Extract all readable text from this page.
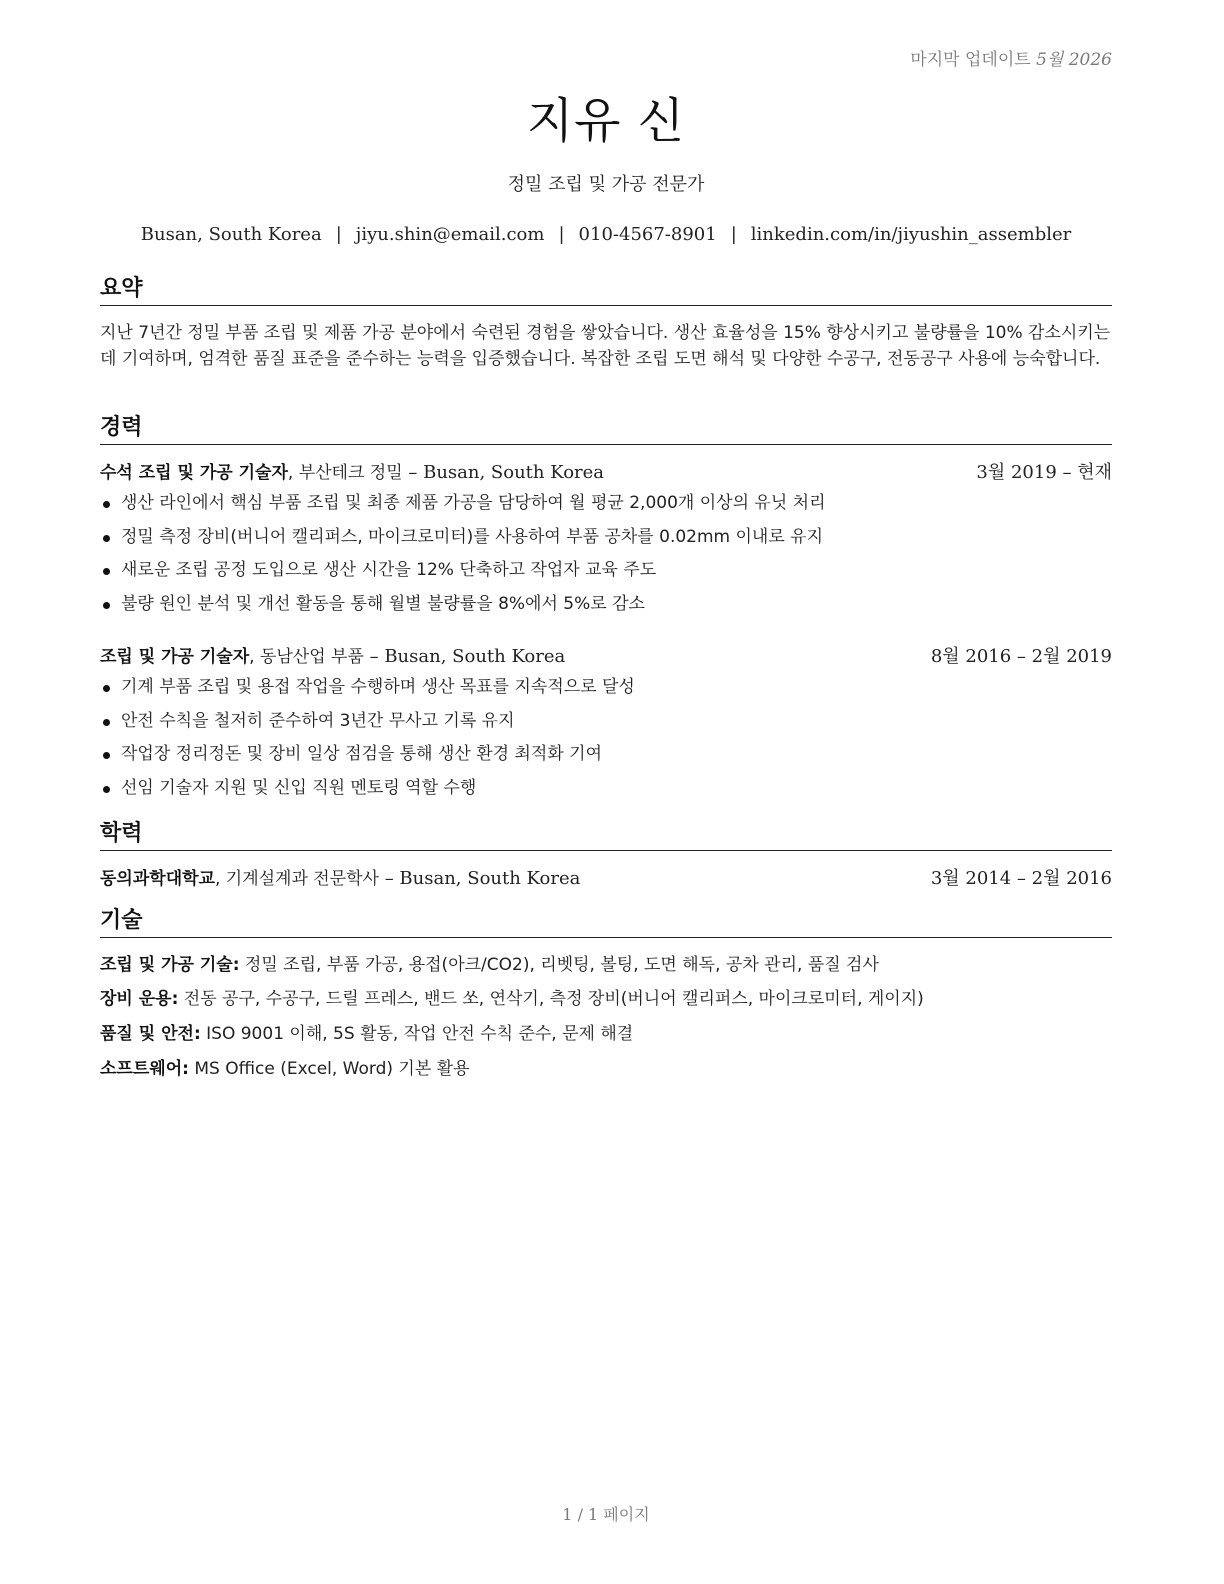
마지막 업데이트 5월 2026
지유 신
정밀 조립 및 가공 전문가
Busan, South Korea | jiyu.shin@email.com | 010-4567-8901 | linkedin.com/in/jiyushin_assembler
요약
지난 7년간 정밀 부품 조립 및 제품 가공 분야에서 숙련된 경험을 쌓았습니다. 생산 효율성을 15% 향상시키고 불량률을 10% 감소시키는 데 기여하며, 엄격한 품질 표준을 준수하는 능력을 입증했습니다. 복잡한 조립 도면 해석 및 다양한 수공구, 전동공구 사용에 능숙합니다.
경력
수석 조립 및 가공 기술자, 부산테크 정밀 – Busan, South Korea	3월 2019 – 현재
생산 라인에서 핵심 부품 조립 및 최종 제품 가공을 담당하여 월 평균 2,000개 이상의 유닛 처리
정밀 측정 장비(버니어 캘리퍼스, 마이크로미터)를 사용하여 부품 공차를 0.02mm 이내로 유지
새로운 조립 공정 도입으로 생산 시간을 12% 단축하고 작업자 교육 주도
불량 원인 분석 및 개선 활동을 통해 월별 불량률을 8%에서 5%로 감소
조립 및 가공 기술자, 동남산업 부품 – Busan, South Korea	8월 2016 – 2월 2019
기계 부품 조립 및 용접 작업을 수행하며 생산 목표를 지속적으로 달성
안전 수칙을 철저히 준수하여 3년간 무사고 기록 유지
작업장 정리정돈 및 장비 일상 점검을 통해 생산 환경 최적화 기여
선임 기술자 지원 및 신입 직원 멘토링 역할 수행
학력
동의과학대학교, 기계설계과 전문학사 – Busan, South Korea	3월 2014 – 2월 2016
기술
조립 및 가공 기술: 정밀 조립, 부품 가공, 용접(아크/CO2), 리벳팅, 볼팅, 도면 해독, 공차 관리, 품질 검사
장비 운용: 전동 공구, 수공구, 드릴 프레스, 밴드 쏘, 연삭기, 측정 장비(버니어 캘리퍼스, 마이크로미터, 게이지)
품질 및 안전: ISO 9001 이해, 5S 활동, 작업 안전 수칙 준수, 문제 해결
소프트웨어: MS Office (Excel, Word) 기본 활용
1 / 1 페이지
